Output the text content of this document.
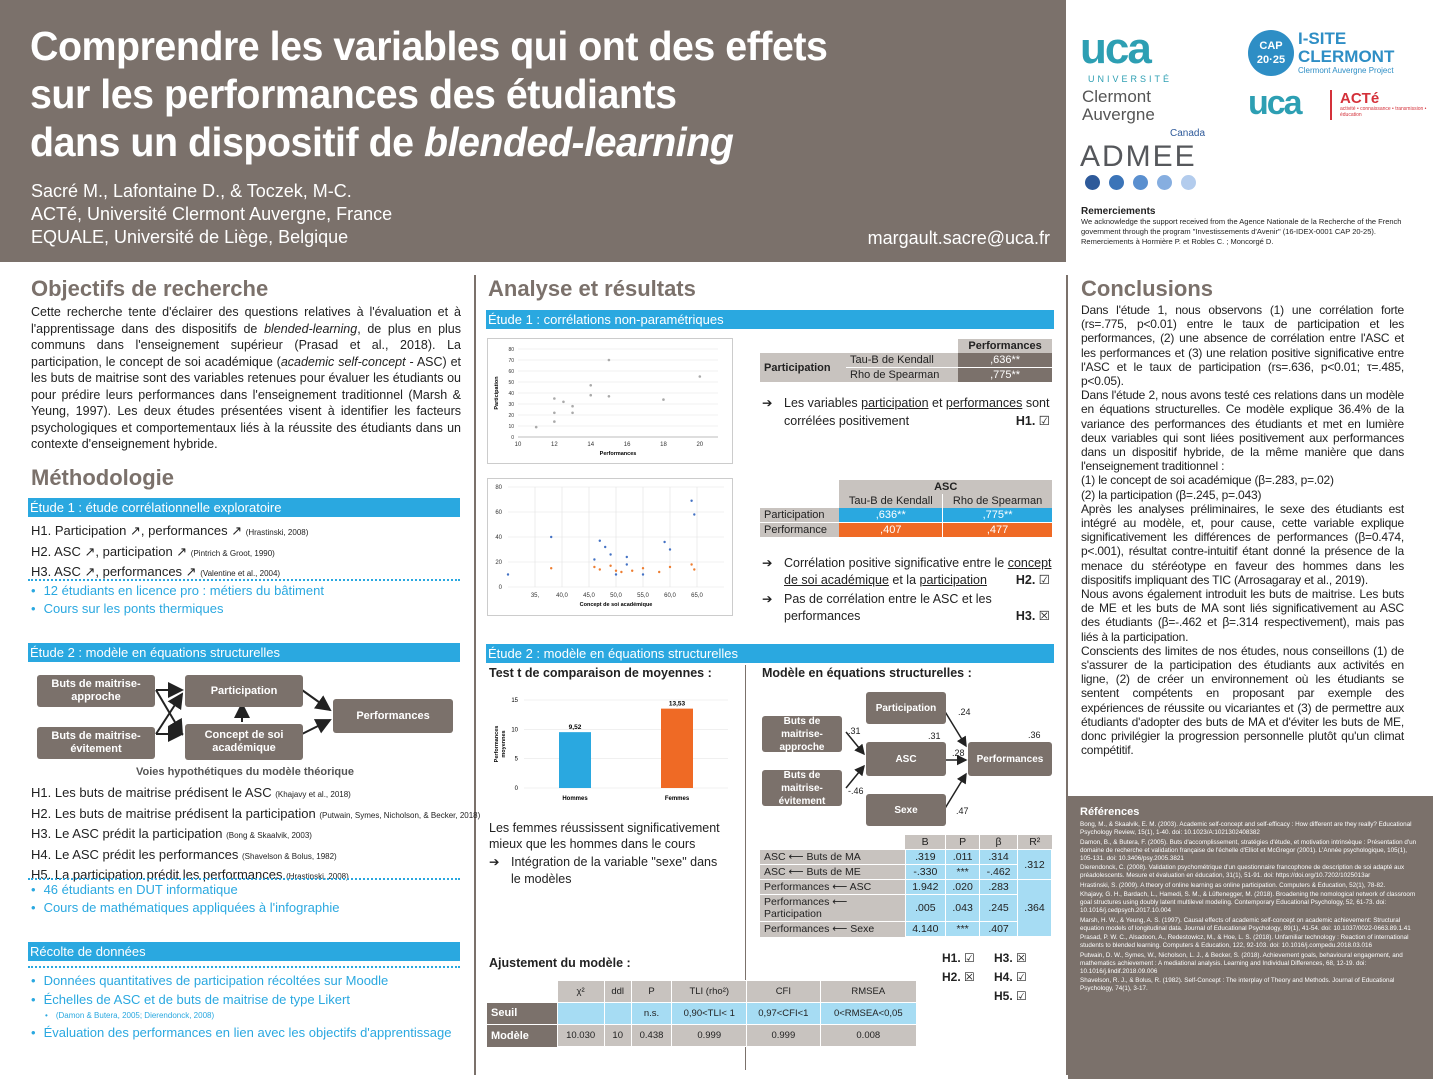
Comprendre les variables qui ont des effets
sur les performances des étudiants
dans un dispositif de blended-learning
Sacré M., Lafontaine D., & Toczek, M-C.
ACTé, Université Clermont Auvergne, France
EQUALE, Université de Liège, Belgique	margault.sacre@uca.fr
uca
UNIVERSITÉ
Clermont
Auvergne
CAP
20·25
I-SITE
CLERMONT
Clermont Auvergne Project
uca	ACTé
activité • connaissance • transmission • éducation
Canada
ADMEE
Remerciements
We acknowledge the support received from the Agence Nationale de la Recherche of the French government through the program "Investissements d'Avenir" (16-IDEX-0001 CAP 20-25). Remerciements à Hormière P. et Robles C. ; Moncorgé D.
Objectifs de recherche
Cette recherche tente d'éclairer des questions relatives à l'évaluation et à l'apprentissage dans des dispositifs de blended-learning, de plus en plus communs dans l'enseignement supérieur (Prasad et al., 2018). La participation, le concept de soi académique (academic self-concept - ASC) et les buts de maitrise sont des variables retenues pour évaluer les étudiants ou pour prédire leurs performances dans l'enseignement traditionnel (Marsh & Yeung, 1997). Les deux études présentées visent à identifier les facteurs psychologiques et comportementaux liés à la réussite des étudiants dans un contexte d'enseignement hybride.
Méthodologie
Étude 1 : étude corrélationnelle exploratoire
H1. Participation ↗, performances ↗ (Hrastinski, 2008)
H2. ASC ↗, participation ↗ (Pintrich & Groot, 1990)
H3. ASC ↗, performances ↗ (Valentine et al., 2004)
• 12 étudiants en licence pro : métiers du bâtiment
• Cours sur les ponts thermiques
Étude 2 : modèle en équations structurelles
Buts de maitrise-approche
Buts de maitrise-évitement
Participation
Concept de soi académique
Performances
Voies hypothétiques du modèle théorique
H1. Les buts de maitrise prédisent le ASC (Khajavy et al., 2018)
H2. Les buts de maitrise prédisent la participation (Putwain, Symes, Nicholson, & Becker, 2018)
H3. Le ASC prédit la participation (Bong & Skaalvik, 2003)
H4. Le ASC prédit les performances (Shavelson & Bolus, 1982)
H5. La participation prédit les performances (Hrastinski, 2008)
• 46 étudiants en DUT informatique
• Cours de mathématiques appliquées à l'infographie
Récolte de données
• Données quantitatives de participation récoltées sur Moodle
• Échelles de ASC et de buts de maitrise de type Likert
• (Damon & Butera, 2005; Dierendonck, 2008)
• Évaluation des performances en lien avec les objectifs d'apprentissage
Analyse et résultats
Étude 1 : corrélations non-paramétriques
0
10
20
30
40
50
60
70
80
10	12	14	16	18	20
Performances
Participation
		Performances
Participation	Tau-B de Kendall	,636**
	Rho de Spearman	,775**
➔ Les variables participation et performances sont corrélées positivement	H1. ☑
0
20
40
60
80
35,	40,0	45,0	50,0	55,0	60,0	65,0
Concept de soi académique
	ASC	
	Tau-B de Kendall	Rho de Spearman
Participation	,636**	,775**
Performance	,407	,477
➔ Corrélation positive significative entre le concept de soi académique et la participation H2. ☑
➔ Pas de corrélation entre le ASC et les performances	H3. ☒
Étude 2 : modèle en équations structurelles
Test t de comparaison de moyennes :
0
5
10
15
9,52
Hommes
13,53
Femmes
Performances moyennes
Les femmes réussissent significativement mieux que les hommes dans le cours
➔ Intégration de la variable "sexe" dans le modèles
Modèle en équations structurelles :
Buts de maitrise-approche
Buts de maitrise-évitement
Participation
ASC
Sexe
Performances
.31
-.46
.24
.31
.28
.36
.47
	B	P	β	R²
ASC ⟵ Buts de MA	.319	.011	.314	.312
ASC ⟵ Buts de ME	-.330	***	-.462	
Performances ⟵ ASC	1.942	.020	.283	.364
Performances ⟵ Participation	.005	.043	.245	
Performances ⟵ Sexe	4.140	***	.407	
H1. ☑ H3. ☒
H2. ☒ H4. ☑
H5. ☑
Ajustement du modèle :
	χ²	ddl	P	TLI (rho²)	CFI	RMSEA
Seuil			n.s.	0,90<TLI< 1	0,97<CFI<1	0<RMSEA<0,05
Modèle	10.030	10	0.438	0.999	0.999	0.008
Conclusions
Dans l'étude 1, nous observons (1) une corrélation forte (rs=.775, p<0.01) entre le taux de participation et les performances, (2) une absence de corrélation entre l'ASC et les performances et (3) une relation positive significative entre l'ASC et le taux de participation (rs=.636, p<0.01; τ=.485, p<0.05).
Dans l'étude 2, nous avons testé ces relations dans un modèle en équations structurelles. Ce modèle explique 36.4% de la variance des performances des étudiants et met en lumière deux variables qui sont liées positivement aux performances dans un dispositif hybride, de la même manière que dans l'enseignement traditionnel :
(1) le concept de soi académique (β=.283, p=.02)
(2) la participation (β=.245, p=.043)
Après les analyses préliminaires, le sexe des étudiants est intégré au modèle, et, pour cause, cette variable explique significativement les différences de performances (β=0.474, p<.001), résultat contre-intuitif étant donné la présence de la menace du stéréotype en faveur des hommes dans les dispositifs impliquant des TIC (Arrosagaray et al., 2019).
Nous avons également introduit les buts de maitrise. Les buts de ME et les buts de MA sont liés significativement au ASC des étudiants (β=-.462 et β=.314 respectivement), mais pas liés à la participation.
Conscients des limites de nos études, nous conseillons (1) de s'assurer de la participation des étudiants aux activités en ligne, (2) de créer un environnement où les étudiants se sentent compétents en proposant par exemple des expériences de réussite ou vicariantes et (3) de permettre aux étudiants d'adopter des buts de MA et d'éviter les buts de ME, donc privilégier la progression personnelle plutôt qu'un climat compétitif.
Références
Bong, M., & Skaalvik, E. M. (2003). Academic self-concept and self-efficacy : How different are they really? Educational Psychology Review, 15(1), 1-40. doi: 10.1023/A:1021302408382
Damon, B., & Butera, F. (2005). Buts d'accomplissement, stratégies d'étude, et motivation intrinsèque : Présentation d'un domaine de recherche et validation française de l'échelle d'Elliot et McGregor (2001). L'Année psychologique, 105(1), 105-131. doi: 10.3406/psy.2005.3821
Dierendonck, C. (2008). Validation psychométrique d'un questionnaire francophone de description de soi adapté aux préadolescents. Mesure et évaluation en éducation, 31(1), 51-91. doi: https://doi.org/10.7202/1025013ar
Hrastinski, S. (2009). A theory of online learning as online participation. Computers & Education, 52(1), 78-82.
Khajavy, G. H., Bardach, L., Hamedi, S. M., & Lüftenegger, M. (2018). Broadening the nomological network of classroom goal structures using doubly latent multilevel modeling. Contemporary Educational Psychology, 52, 61-73. doi: 10.1016/j.cedpsych.2017.10.004
Marsh, H. W., & Yeung, A. S. (1997). Causal effects of academic self-concept on academic achievement: Structural equation models of longitudinal data. Journal of Educational Psychology, 89(1), 41-54. doi: 10.1037/0022-0663.89.1.41
Prasad, P. W. C., Alsadoon, A., Redestowicz, M., & Hoe, L. S. (2018). Unfamiliar technology : Reaction of international students to blended learning. Computers & Education, 122, 92-103. doi: 10.1016/j.compedu.2018.03.016
Putwain, D. W., Symes, W., Nicholson, L. J., & Becker, S. (2018). Achievement goals, behavioural engagement, and mathematics achievement : A mediational analysis. Learning and Individual Differences, 68, 12-19. doi: 10.1016/j.lindif.2018.09.006
Shavelson, R. J., & Bolus, R. (1982). Self-Concept : The interplay of Theory and Methods. Journal of Educational Psychology, 74(1), 3-17.
